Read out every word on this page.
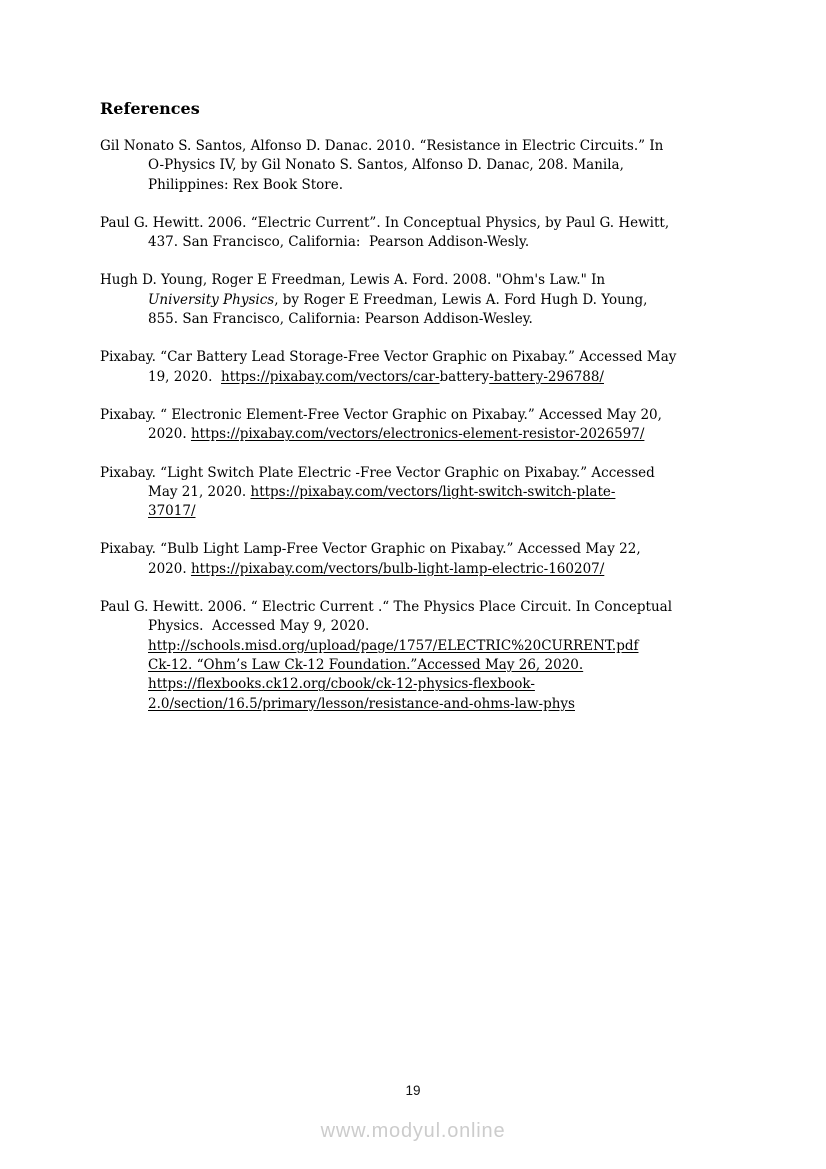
References
Gil Nonato S. Santos, Alfonso D. Danac. 2010. “Resistance in Electric Circuits.” In
O-Physics IV, by Gil Nonato S. Santos, Alfonso D. Danac, 208. Manila,
Philippines: Rex Book Store.
Paul G. Hewitt. 2006. “Electric Current”. In Conceptual Physics, by Paul G. Hewitt,
437. San Francisco, California:  Pearson Addison-Wesly.
Hugh D. Young, Roger E Freedman, Lewis A. Ford. 2008. "Ohm's Law." In
University Physics, by Roger E Freedman, Lewis A. Ford Hugh D. Young,
855. San Francisco, California: Pearson Addison-Wesley.
Pixabay. “Car Battery Lead Storage-Free Vector Graphic on Pixabay.” Accessed May
19, 2020.  https://pixabay.com/vectors/car-battery-battery-296788/
Pixabay. “ Electronic Element-Free Vector Graphic on Pixabay.” Accessed May 20,
2020. https://pixabay.com/vectors/electronics-element-resistor-2026597/
Pixabay. “Light Switch Plate Electric -Free Vector Graphic on Pixabay.” Accessed
May 21, 2020. https://pixabay.com/vectors/light-switch-switch-plate-
37017/
Pixabay. “Bulb Light Lamp-Free Vector Graphic on Pixabay.” Accessed May 22,
2020. https://pixabay.com/vectors/bulb-light-lamp-electric-160207/
Paul G. Hewitt. 2006. “ Electric Current .“ The Physics Place Circuit. In Conceptual
Physics.  Accessed May 9, 2020.
http://schools.misd.org/upload/page/1757/ELECTRIC%20CURRENT.pdf
Ck-12. “Ohm’s Law Ck-12 Foundation.”Accessed May 26, 2020.
https://flexbooks.ck12.org/cbook/ck-12-physics-flexbook-
2.0/section/16.5/primary/lesson/resistance-and-ohms-law-phys
19
www.modyul.online
